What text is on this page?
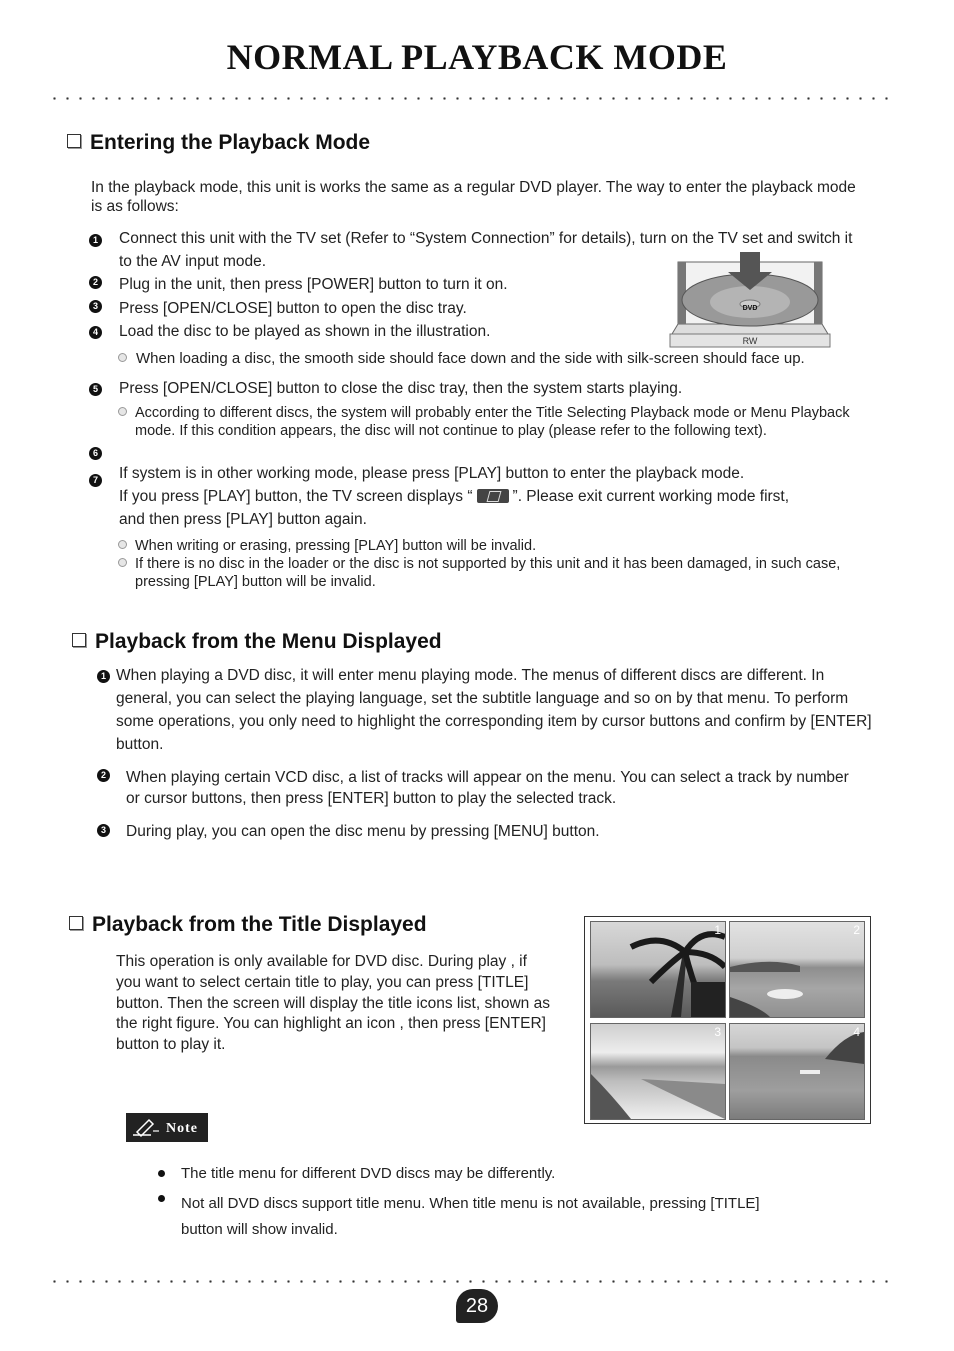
NORMAL PLAYBACK MODE
Entering the Playback Mode
In the playback mode, this unit is works the same as a regular DVD player. The way to enter the playback mode is as follows:
1 Connect this unit with the TV set (Refer to “System Connection” for details), turn on the TV set and switch it to the AV input mode.
2 Plug in the unit, then press [POWER] button to turn it on.
3 Press [OPEN/CLOSE] button to open the disc tray.
4 Load the disc to be played as shown in the illustration.
DVD
RW
When loading a disc, the smooth side should face down and the side with silk-screen should face up.
5 Press [OPEN/CLOSE] button to close the disc tray, then the system starts playing.
According to different discs, the system will probably enter the Title Selecting Playback mode or Menu Playback mode. If this condition appears, the disc will not continue to play (please refer to the following text).
6
7 If system is in other working mode, please press [PLAY] button to enter the playback mode.
If you press [PLAY] button, the TV screen displays “	”. Please exit current working mode first,
and then press [PLAY] button again.
When writing or erasing, pressing [PLAY] button will be invalid.
If there is no disc in the loader or the disc is not supported by this unit and it has been damaged, in such case, pressing [PLAY] button will be invalid.
Playback from the Menu Displayed
1 When playing a DVD disc, it will enter menu playing mode. The menus of different discs are different. In general, you can select the playing language, set the subtitle language and so on by that menu. To perform some operations, you only need to highlight the corresponding item by cursor buttons and confirm by [ENTER] button.
2 When playing certain VCD disc, a list of tracks will appear on the menu. You can select a track by number or cursor buttons, then press [ENTER] button to play the selected track.
3 During play, you can open the disc menu by pressing [MENU] button.
Playback from the Title Displayed
This operation is only available for DVD disc. During play , if you want to select certain title to play, you can press [TITLE] button. Then the screen will display the title icons list, shown as the right figure. You can highlight an icon , then press [ENTER] button to play it.
1	2
3	4
Note
The title menu for different DVD discs may be differently.
Not all DVD discs support title menu. When title menu is not available, pressing [TITLE] button will show invalid.
28
